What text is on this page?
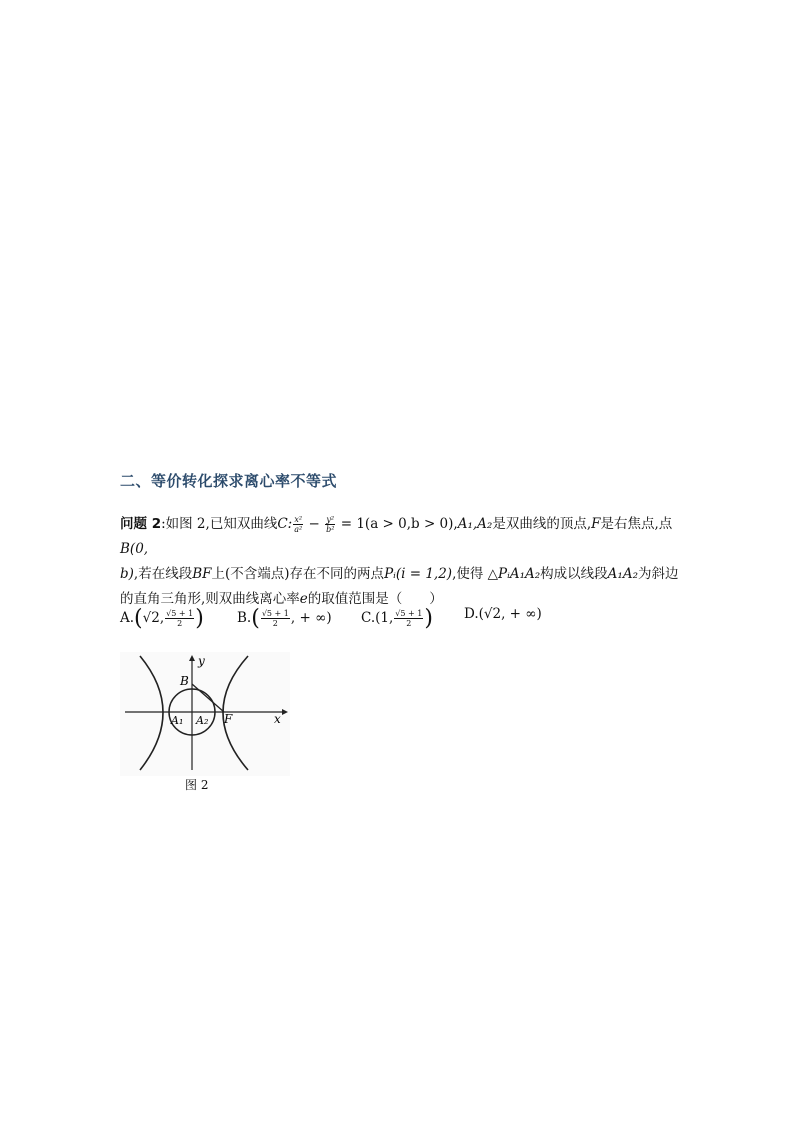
二、等价转化探求离心率不等式
问题 2:如图 2,已知双曲线C: $\frac{\text{x²}}{\text{a²}} - \frac{\text{y²}}{\text{b²}} = 1(a > 0,b > 0),A_1,A_2$是双曲线的顶点,F是右焦点,点B(0,
b),若在线段BF上(不含端点)存在不同的两点Pᵢ(i = 1,2),使得 △PᵢA₁A₂构成以线段A₁A₂为斜边的直角三角形,则双曲线离心率e的取值范围是（　　）
A.(√2, $\frac{√5 + 1}{2}$ ) $B.( \frac{√5 + 1}{2}$ , + ∞) C.(1, $\frac{√5 + 1}{2}$ ) D.(√2, + ∞)
y
x
B
A₁ A₂ F
图 2
